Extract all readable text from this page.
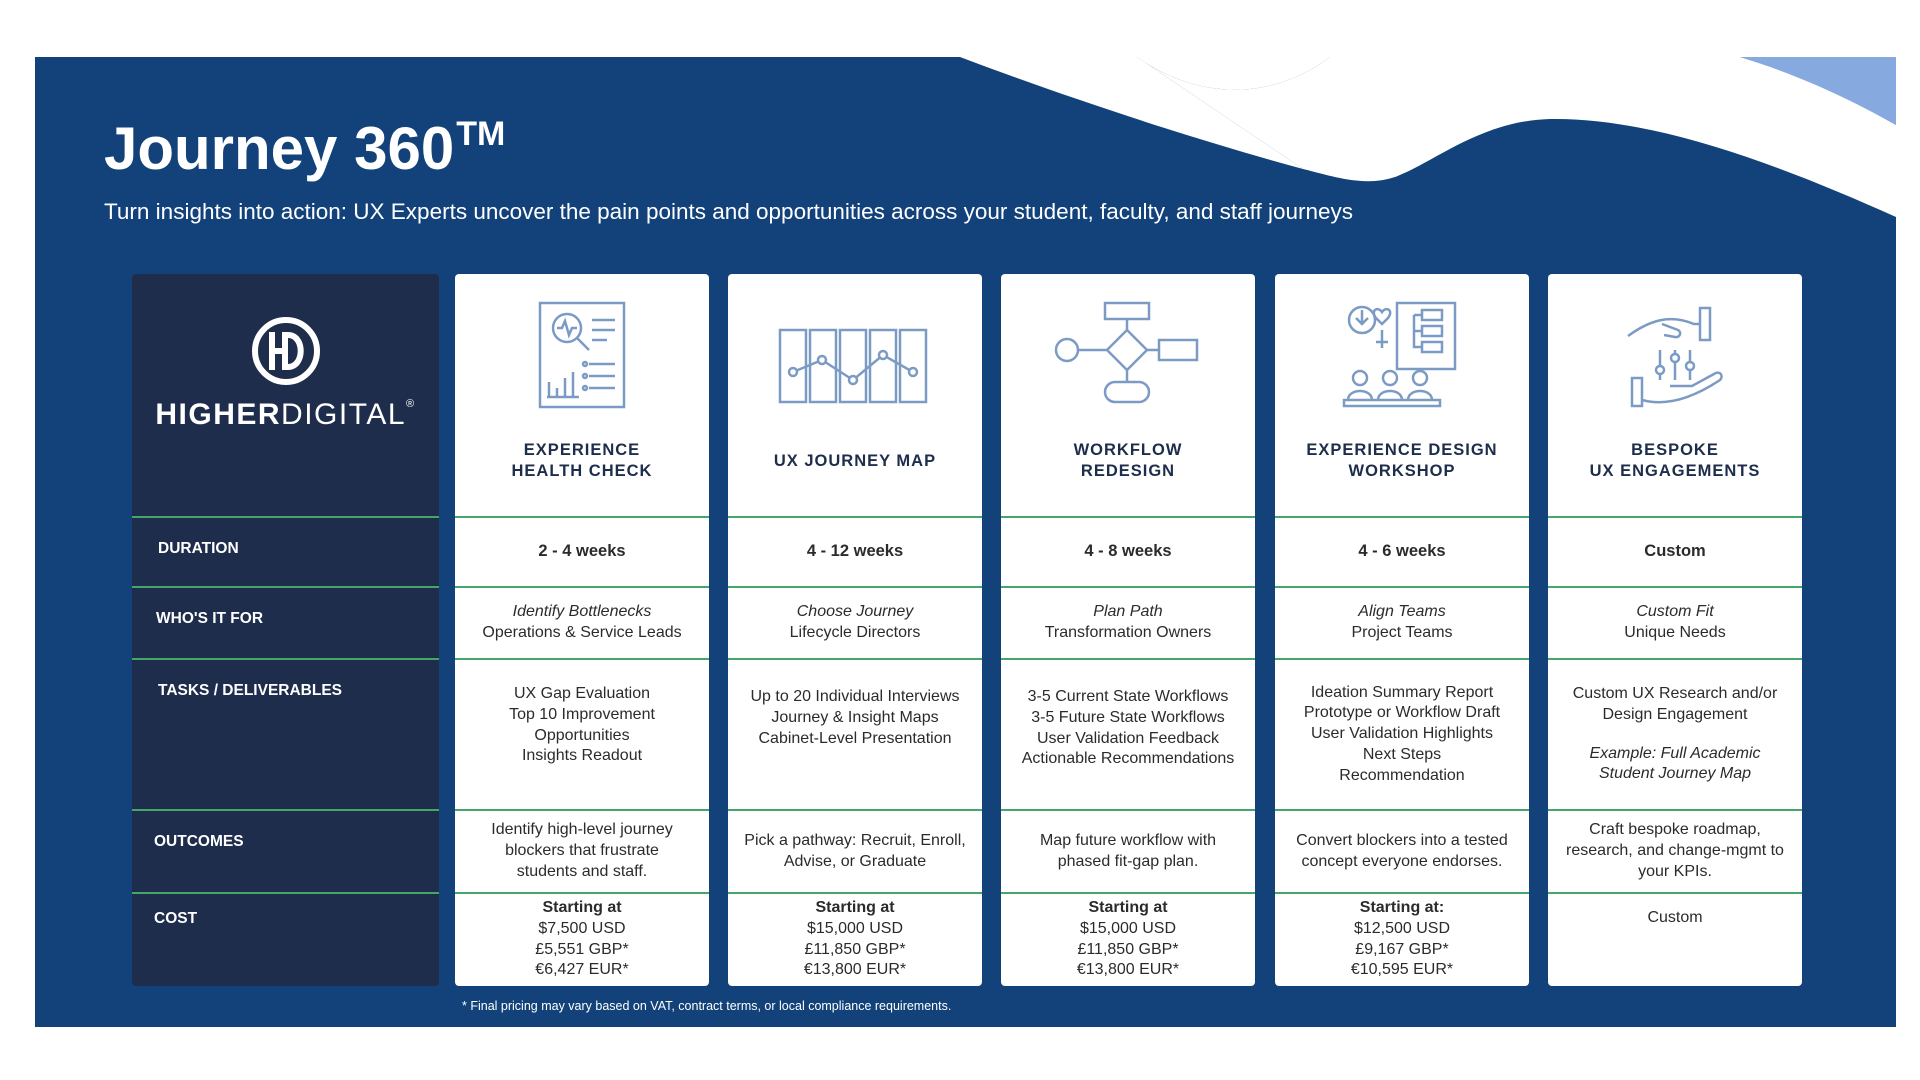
Journey 360™
Turn insights into action: UX Experts uncover the pain points and opportunities across your student, faculty, and staff journeys
HIGHERDIGITAL®
DURATION
WHO'S IT FOR
TASKS / DELIVERABLES
OUTCOMES
COST
EXPERIENCE
HEALTH CHECK
2 - 4 weeks
Identify Bottlenecks
Operations & Service Leads
UX Gap Evaluation
Top 10 Improvement
Opportunities
Insights Readout
Identify high-level journey
blockers that frustrate
students and staff.
Starting at
$7,500 USD
£5,551 GBP*
€6,427 EUR*
UX JOURNEY MAP
4 - 12 weeks
Choose Journey
Lifecycle Directors
Up to 20 Individual Interviews
Journey & Insight Maps
Cabinet-Level Presentation
Pick a pathway: Recruit, Enroll,
Advise, or Graduate
Starting at
$15,000 USD
£11,850 GBP*
€13,800 EUR*
WORKFLOW
REDESIGN
4 - 8 weeks
Plan Path
Transformation Owners
3-5 Current State Workflows
3-5 Future State Workflows
User Validation Feedback
Actionable Recommendations
Map future workflow with
phased fit-gap plan.
Starting at
$15,000 USD
£11,850 GBP*
€13,800 EUR*
EXPERIENCE DESIGN
WORKSHOP
4 - 6 weeks
Align Teams
Project Teams
Ideation Summary Report
Prototype or Workflow Draft
User Validation Highlights
Next Steps
Recommendation
Convert blockers into a tested
concept everyone endorses.
Starting at:
$12,500 USD
£9,167 GBP*
€10,595 EUR*
BESPOKE
UX ENGAGEMENTS
Custom
Custom Fit
Unique Needs
Custom UX Research and/or
Design Engagement
Example: Full Academic
Student Journey Map
Craft bespoke roadmap,
research, and change-mgmt to
your KPIs.
Custom
* Final pricing may vary based on VAT, contract terms, or local compliance requirements.
